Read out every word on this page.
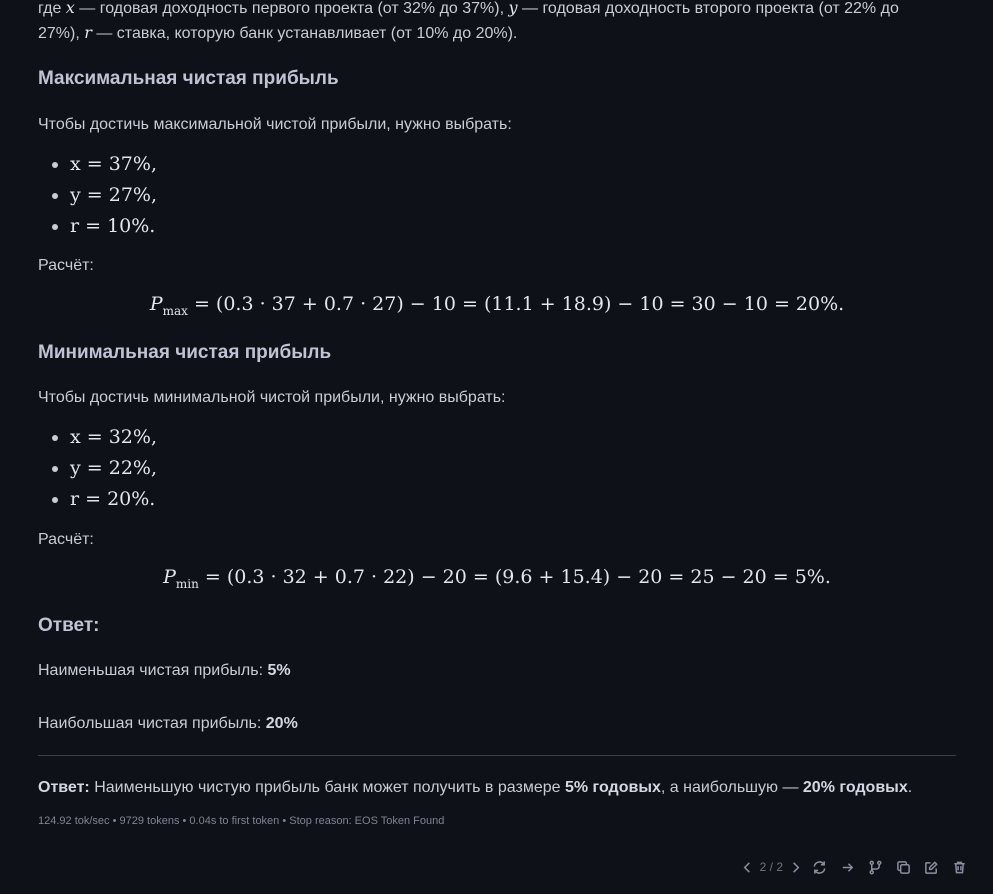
где x — годовая доходность первого проекта (от 32% до 37%), y — годовая доходность второго проекта (от 22% до

27%), r — ставка, которую банк устанавливает (от 10% до 20%).

Максимальная чистая прибыль

Чтобы достичь максимальной чистой прибыли, нужно выбрать:

x = 37%,
y = 27%,
r = 10%.

Расчёт:

$P_{max} = (0.3 \cdot 37 + 0.7 \cdot 27) - 10 = (11.1 + 18.9) - 10 = 30 - 10 = 20\%$.
Минимальная чистая прибыль

Чтобы достичь минимальной чистой прибыли, нужно выбрать:

x = 32%,
y = 22%,
r = 20%.

Расчёт:

$P_{min} = (0.3 \cdot 32 + 0.7 \cdot 22) - 20 = (9.6 + 15.4) - 20 = 25 - 20 = 5\%$.
Ответ:

Наименьшая чистая прибыль: 5%

Наибольшая чистая прибыль: 20%

Ответ: Наименьшую чистую прибыль банк может получить в размере 5% годовых, а наибольшую — 20% годовых.

124.92 tok/sec • 9729 tokens • 0.04s to first token • Stop reason: EOS Token Found
2 / 2
